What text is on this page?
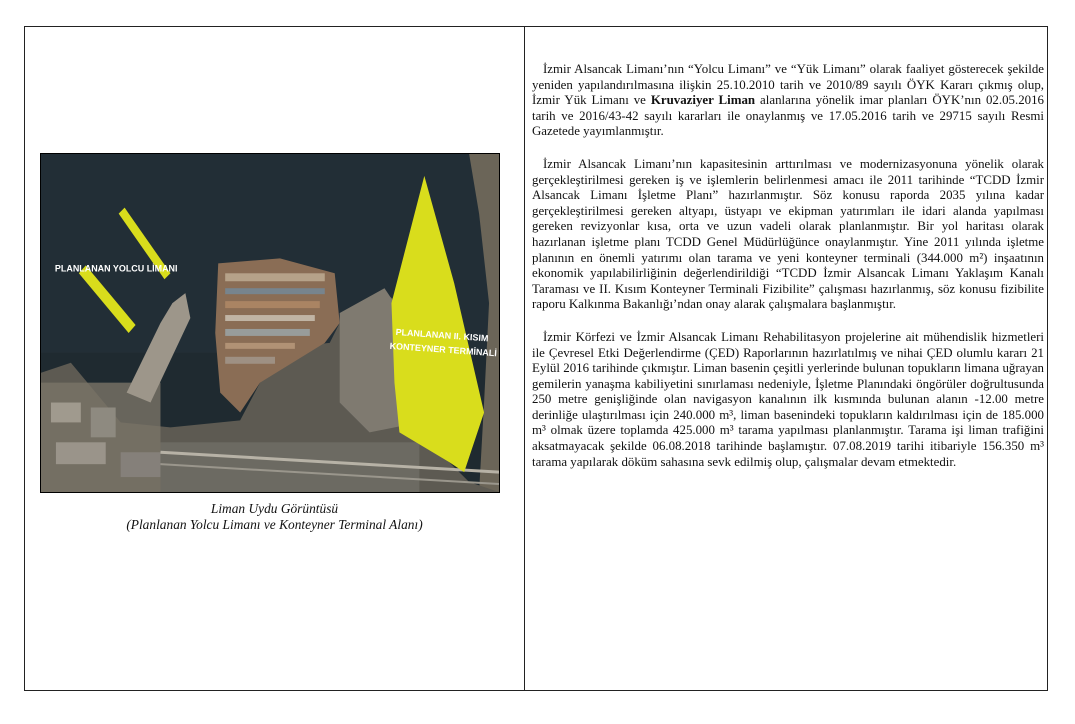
PLANLANAN YOLCU LİMANI
PLANLANAN II. KISIM
KONTEYNER TERMİNALİ
Liman Uydu Görüntüsü
(Planlanan Yolcu Limanı ve Konteyner Terminal Alanı)

İzmir Alsancak Limanı’nın “Yolcu Limanı” ve “Yük Limanı” olarak faaliyet gösterecek şekilde yeniden yapılandırılmasına ilişkin 25.10.2010 tarih ve 2010/89 sayılı ÖYK Kararı çıkmış olup, İzmir Yük Limanı ve Kruvaziyer Liman alanlarına yönelik imar planları ÖYK’nın 02.05.2016 tarih ve 2016/43-42 sayılı kararları ile onaylanmış ve 17.05.2016 tarih ve 29715 sayılı Resmi Gazetede yayımlanmıştır.

İzmir Alsancak Limanı’nın kapasitesinin arttırılması ve modernizasyonuna yönelik olarak gerçekleştirilmesi gereken iş ve işlemlerin belirlenmesi amacı ile 2011 tarihinde “TCDD İzmir Alsancak Limanı İşletme Planı” hazırlanmıştır. Söz konusu raporda 2035 yılına kadar gerçekleştirilmesi gereken altyapı, üstyapı ve ekipman yatırımları ile idari alanda yapılması gereken revizyonlar kısa, orta ve uzun vadeli olarak planlanmıştır. Bir yol haritası olarak hazırlanan işletme planı TCDD Genel Müdürlüğünce onaylanmıştır. Yine 2011 yılında işletme planının en önemli yatırımı olan tarama ve yeni konteyner terminali (344.000 m²) inşaatının ekonomik yapılabilirliğinin değerlendirildiği “TCDD İzmir Alsancak Limanı Yaklaşım Kanalı Taraması ve II. Kısım Konteyner Terminali Fizibilite” çalışması hazırlanmış, söz konusu fizibilite raporu Kalkınma Bakanlığı’ndan onay alarak çalışmalara başlanmıştır.

İzmir Körfezi ve İzmir Alsancak Limanı Rehabilitasyon projelerine ait mühendislik hizmetleri ile Çevresel Etki Değerlendirme (ÇED) Raporlarının hazırlatılmış ve nihai ÇED olumlu kararı 21 Eylül 2016 tarihinde çıkmıştır. Liman basenin çeşitli yerlerinde bulunan topukların limana uğrayan gemilerin yanaşma kabiliyetini sınırlaması nedeniyle, İşletme Planındaki öngörüler doğrultusunda 250 metre genişliğinde olan navigasyon kanalının ilk kısmında bulunan alanın -12.00 metre derinliğe ulaştırılması için 240.000 m³, liman basenindeki topukların kaldırılması için de 185.000 m³ olmak üzere toplamda 425.000 m³ tarama yapılması planlanmıştır. Tarama işi liman trafiğini aksatmayacak şekilde 06.08.2018 tarihinde başlamıştır. 07.08.2019 tarihi itibariyle 156.350 m³ tarama yapılarak döküm sahasına sevk edilmiş olup, çalışmalar devam etmektedir.
